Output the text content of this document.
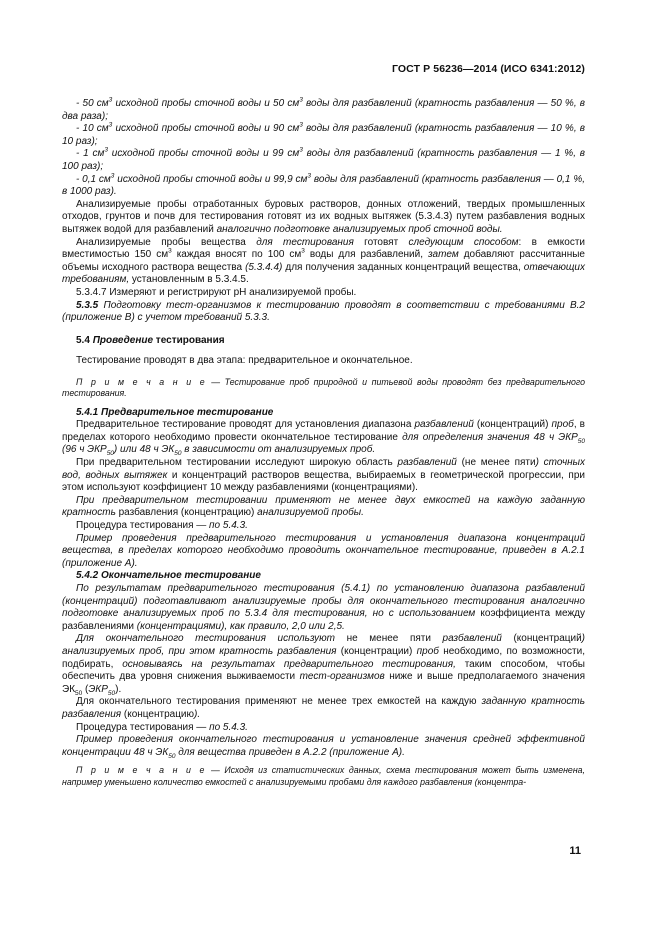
ГОСТ Р 56236—2014 (ИСО 6341:2012)

- 50 $см^3$ исходной пробы сточной воды и 50 $см^3$ воды для разбавлений (кратность разбавления — 50 %, в два раза);

- 10 $см^3$ исходной пробы сточной воды и 90 $см^3$ воды для разбавлений (кратность разбавления — 10 %, в 10 раз);

- 1 $см^3$ исходной пробы сточной воды и 99 $см^3$ воды для разбавлений (кратность разбавления — 1 %, в 100 раз);

- 0,1 $см^3$ исходной пробы сточной воды и 99,9 $см^3$ воды для разбавлений (кратность разбавления — 0,1 %, в 1000 раз).

Анализируемые пробы отработанных буровых растворов, донных отложений, твердых промышленных отходов, грунтов и почв для тестирования готовят из их водных вытяжек (5.3.4.3) путем разбавления водных вытяжек водой для разбавлений аналогично подготовке анализируемых проб сточной воды.

Анализируемые пробы вещества для тестирования готовят следующим способом: в емкости вместимостью 150 $см^3$ каждая вносят по 100 $см^3$ воды для разбавлений, затем добавляют рассчитанные объемы исходного раствора вещества (5.3.4.4) для получения заданных концентраций вещества, отвечающих требованиям, установленным в 5.3.4.5.

5.3.4.7 Измеряют и регистрируют рН анализируемой пробы.

5.3.5 Подготовку тест-организмов к тестированию проводят в соответствии с требованиями В.2 (приложение В) с учетом требований 5.3.3.

5.4 Проведение тестирования

Тестирование проводят в два этапа: предварительное и окончательное.

П р и м е ч а н и е — Тестирование проб природной и питьевой воды проводят без предварительного тестирования.

5.4.1 Предварительное тестирование

Предварительное тестирование проводят для установления диапазона разбавлений (концентраций) проб, в пределах которого необходимо провести окончательное тестирование для определения значения 48 ч $ЭКР_{50}$ (96 ч $ЭКР_{50}$) или 48 ч $ЭК_{50}$ в зависимости от анализируемых проб.

При предварительном тестировании исследуют широкую область разбавлений (не менее пяти) сточных вод, водных вытяжек и концентраций растворов вещества, выбираемых в геометрической прогрессии, при этом используют коэффициент 10 между разбавлениями (концентрациями).

При предварительном тестировании применяют не менее двух емкостей на каждую заданную кратность разбавления (концентрацию) анализируемой пробы.

Процедура тестирования — по 5.4.3.

Пример проведения предварительного тестирования и установления диапазона концентраций вещества, в пределах которого необходимо проводить окончательное тестирование, приведен в А.2.1 (приложение А).

5.4.2 Окончательное тестирование

По результатам предварительного тестирования (5.4.1) по установлению диапазона разбавлений (концентраций) подготавливают анализируемые пробы для окончательного тестирования аналогично подготовке анализируемых проб по 5.3.4 для тестирования, но с использованием коэффициента между разбавлениями (концентрациями), как правило, 2,0 или 2,5.

Для окончательного тестирования используют не менее пяти разбавлений (концентраций) анализируемых проб, при этом кратность разбавления (концентрации) проб необходимо, по возможности, подбирать, основываясь на результатах предварительного тестирования, таким способом, чтобы обеспечить два уровня снижения выживаемости тест-организмов ниже и выше предполагаемого значения $ЭК_{50}$ $(ЭКР_{50})$.

Для окончательного тестирования применяют не менее трех емкостей на каждую заданную кратность разбавления (концентрацию).

Процедура тестирования — по 5.4.3.

Пример проведения окончательного тестирования и установление значения средней эффективной концентрации 48 ч $ЭК_{50}$ для вещества приведен в А.2.2 (приложение А).

П р и м е ч а н и е — Исходя из статистических данных, схема тестирования может быть изменена, например уменьшено количество емкостей с анализируемыми пробами для каждого разбавления (концентра-

11
